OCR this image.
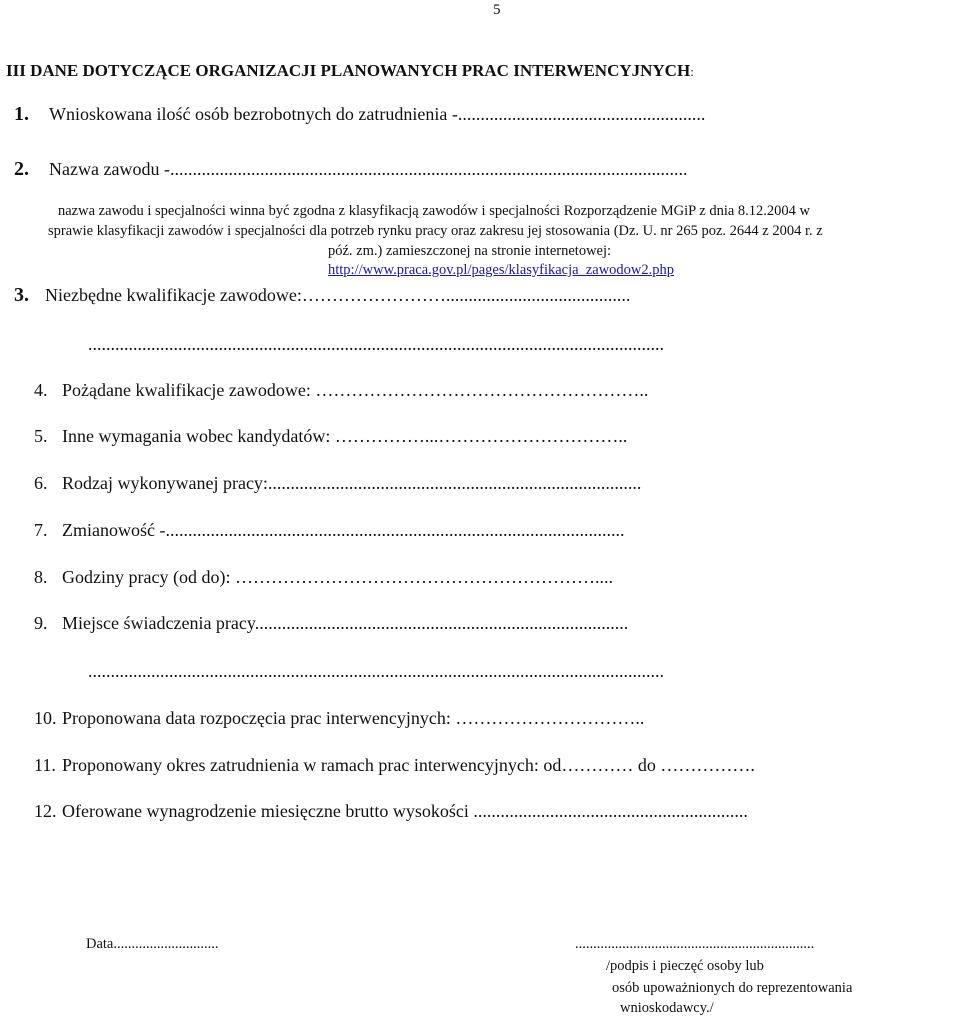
5
III DANE DOTYCZĄCE ORGANIZACJI PLANOWANYCH PRAC INTERWENCYJNYCH:
1. Wnioskowana ilość osób bezrobotnych do zatrudnienia -.......................................................
2. Nazwa zawodu -...................................................................................................................
nazwa zawodu i specjalności winna być zgodna z klasyfikacją zawodów i specjalności Rozporządzenie MGiP z dnia 8.12.2004 w
sprawie klasyfikacji zawodów i specjalności dla potrzeb rynku pracy oraz zakresu jej stosowania (Dz. U. nr 265 poz. 2644 z 2004 r. z
póź. zm.) zamieszczonej na stronie internetowej:
http://www.praca.gov.pl/pages/klasyfikacja_zawodow2.php
3. Niezbędne kwalifikacje zawodowe:…………………….........................................
................................................................................................................................
4. Pożądane kwalifikacje zawodowe: ………………………………………………..
5. Inne wymagania wobec kandydatów: ……………...…………………………..
6. Rodzaj wykonywanej pracy:...................................................................................
7. Zmianowość -......................................................................................................
8. Godziny pracy (od do): ……………………………………………………....
9. Miejsce świadczenia pracy...................................................................................
................................................................................................................................
10. Proponowana data rozpoczęcia prac interwencyjnych: …………………………..
11. Proponowany okres zatrudnienia w ramach prac interwencyjnych: od………… do …………….
12. Oferowane wynagrodzenie miesięczne brutto wysokości .............................................................
Data.............................	..................................................................
/podpis i pieczęć osoby lub
osób upoważnionych do reprezentowania
wnioskodawcy./
